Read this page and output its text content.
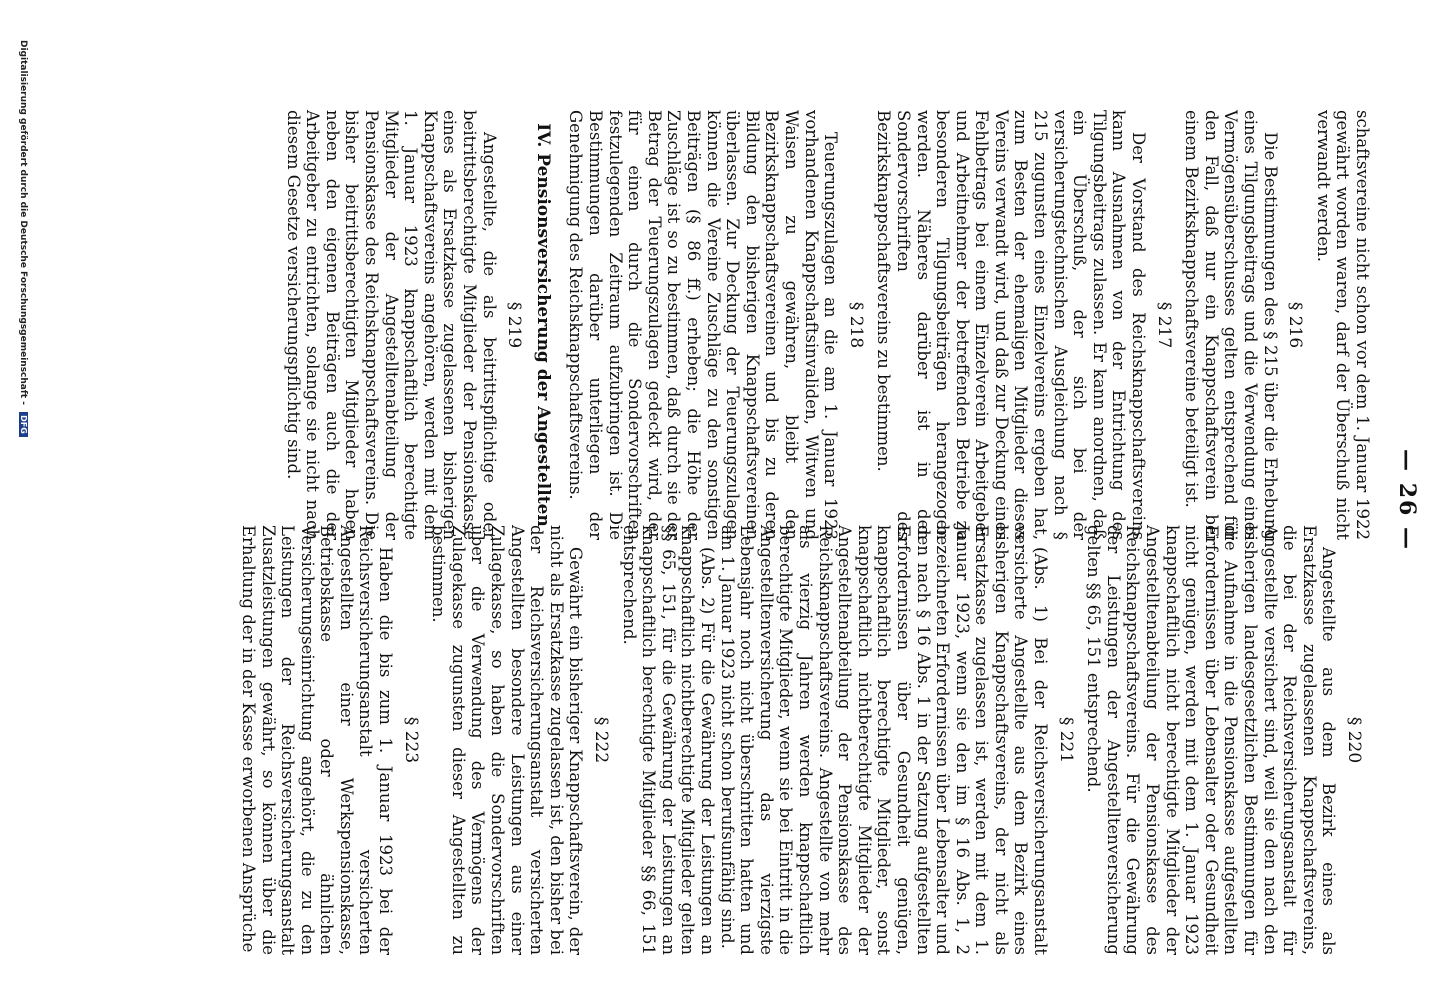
— 26 —

schaftsvereine nicht schon vor dem 1. Januar 1922 gewährt worden waren, darf der Überschuß nicht verwandt werden.

§ 216

Die Bestimmungen des § 215 über die Erhebung eines Tilgungsbeitrags und die Verwendung eines Vermögensüberschusses gelten entsprechend für den Fall, daß nur ein Knappschaftsverein bei einem Bezirksknappschaftsvereine beteiligt ist.

§ 217

Der Vorstand des Reichsknappschaftsvereins kann Ausnahmen von der Entrichtung des Tilgungsbeitrags zulassen. Er kann anordnen, daß ein Überschuß, der sich bei der versicherungstechnischen Ausgleichung nach § 215 zugunsten eines Einzelvereins ergeben hat, zum Besten der ehemaligen Mitglieder dieses Vereins verwandt wird, und daß zur Deckung eines Fehlbetrags bei einem Einzelverein Arbeitgeber und Arbeitnehmer der betreffenden Betriebe zu besonderen Tilgungsbeiträgen herangezogen werden. Näheres darüber ist in den Sondervorschriften des Bezirksknappschaftsvereins zu bestimmen.

§ 218

Teuerungszulagen an die am 1. Januar 1923 vorhandenen Knappschaftsinvaliden, Witwen und Waisen zu gewähren, bleibt den Bezirksknappschaftsvereinen und bis zu deren Bildung den bisherigen Knappschaftsvereinen überlassen. Zur Deckung der Teuerungszulagen können die Vereine Zuschläge zu den sonstigen Beiträgen (§ 86 ff.) erheben; die Höhe der Zuschläge ist so zu bestimmen, daß durch sie der Betrag der Teuerungszulagen gedeckt wird, der für einen durch die Sondervorschriften festzulegenden Zeitraum aufzubringen ist. Die Bestimmungen darüber unterliegen der Genehmigung des Reichsknappschaftsvereins.

IV. Pensionsversicherung der Angestellten
§ 219

Angestellte, die als beitrittspflichtige oder beitrittsberechtigte Mitglieder der Pensionskasse eines als Ersatzkasse zugelassenen bisherigen Knappschaftsvereins angehören, werden mit dem 1. Januar 1923 knappschaftlich berechtigte Mitglieder der Angestelltenabteilung der Pensionskasse des Reichsknappschaftsvereins. Die bisher beitrittsberechtigten Mitglieder haben neben den eigenen Beiträgen auch die der Arbeitgeber zu entrichten, solange sie nicht nach diesem Gesetze versicherungspflichtig sind.

§ 220

Angestellte aus dem Bezirk eines als Ersatzkasse zugelassenen Knappschaftsvereins, die bei der Reichsversicherungsanstalt für Angestellte versichert sind, weil sie den nach den bisherigen landesgesetzlichen Bestimmungen für die Aufnahme in die Pensionskasse aufgestellten Erfordernissen über Lebensalter oder Gesundheit nicht genügen, werden mit dem 1. Januar 1923 knappschaftlich nicht berechtigte Mitglieder der Angestelltenabteilung der Pensionskasse des Reichsknappschaftsvereins. Für die Gewährung der Leistungen der Angestelltenversicherung gelten §§ 65, 151 entsprechend.

§ 221

(Abs. 1) Bei der Reichsversicherungsanstalt versicherte Angestellte aus dem Bezirk eines bisherigen Knappschaftsvereins, der nicht als Ersatzkasse zugelassen ist, werden mit dem 1. Januar 1923, wenn sie den im § 16 Abs. 1, 2 bezeichneten Erfordernissen über Lebensalter und den nach § 16 Abs. 1 in der Satzung aufgestellten Erfordernissen über Gesundheit genügen, knappschaftlich berechtigte Mitglieder, sonst knappschaftlich nichtberechtigte Mitglieder der Angestelltenabteilung der Pensionskasse des Reichsknappschaftsvereins. Angestellte von mehr als vierzig Jahren werden knappschaftlich berechtigte Mitglieder, wenn sie bei Eintritt in die Angestelltenversicherung das vierzigste Lebensjahr noch nicht überschritten hatten und am 1. Januar 1923 nicht schon berufsunfähig sind.

(Abs. 2) Für die Gewährung der Leistungen an knappschaftlich nichtberechtigte Mitglieder gelten §§ 65, 151, für die Gewährung der Leistungen an knappschaftlich berechtigte Mitglieder §§ 66, 151 entsprechend.

§ 222

Gewährt ein bisheriger Knappschaftsverein, der nicht als Ersatzkasse zugelassen ist, den bisher bei der Reichsversicherungsanstalt versicherten Angestellten besondere Leistungen aus einer Zulagekasse, so haben die Sondervorschriften über die Verwendung des Vermögens der Zulagekasse zugunsten dieser Angestellten zu bestimmen.

§ 223

Haben die bis zum 1. Januar 1923 bei der Reichsversicherungsanstalt versicherten Angestellten einer Werkspensionskasse, Betriebskasse oder ähnlichen Versicherungseinrichtung angehört, die zu den Leistungen der Reichsversicherungsanstalt Zusatzleistungen gewährt, so können über die Erhaltung der in der Kasse erworbenen Ansprüche

Digitalisierung gefördert durch die Deutsche Forschungsgemeinschaft - DFG
